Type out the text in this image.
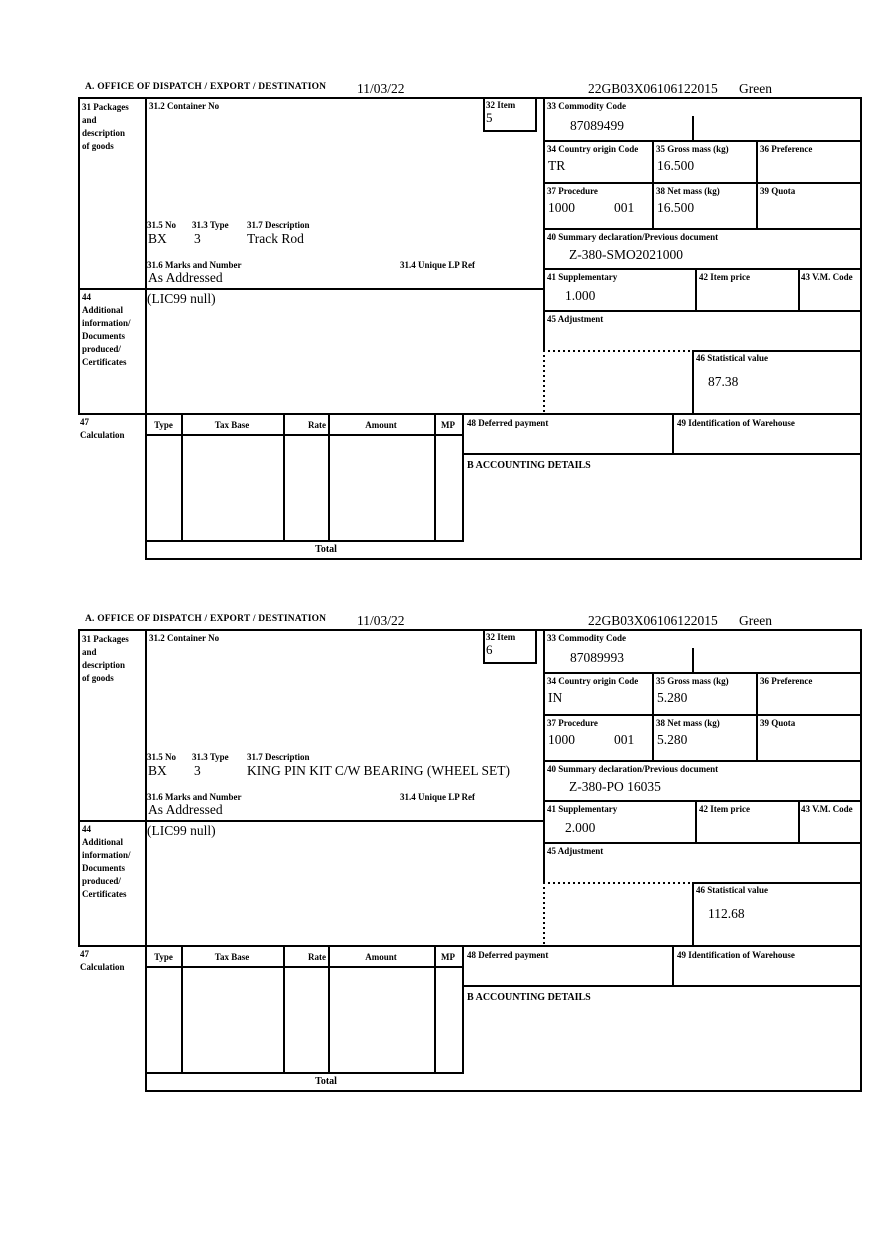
A. OFFICE OF DISPATCH / EXPORT / DESTINATION 11/03/22	22GB03X06106122015 Green
31 Packages
and
description
of goods
31.2 Container No	32 Item
5
33 Commodity Code
87089499
34 Country origin Code
TR
35 Gross mass (kg)
16.500
36 Preference
37 Procedure
1000	001
38 Net mass (kg)
16.500
39 Quota
40 Summary declaration/Previous document
Z-380-SMO2021000
41 Supplementary
1.000
42 Item price	43 V.M. Code
44
Additional
information/
Documents
produced/
Certificates
(LIC99 null)
45 Adjustment
46 Statistical value
87.38
31.5 No 31.3 Type 31.7 Description
BX 3	Track Rod
31.6 Marks and Number	31.4 Unique LP Ref
As Addressed
47
Calculation
Type	Tax Base	Rate	Amount	MP	48 Deferred payment	49 Identification of Warehouse
B ACCOUNTING DETAILS
Total
A. OFFICE OF DISPATCH / EXPORT / DESTINATION 11/03/22	22GB03X06106122015 Green
31 Packages
and
description
of goods
31.2 Container No	32 Item
6
33 Commodity Code
87089993
34 Country origin Code
IN
35 Gross mass (kg)
5.280
36 Preference
37 Procedure
1000	001
38 Net mass (kg)
5.280
39 Quota
40 Summary declaration/Previous document
Z-380-PO 16035
41 Supplementary
2.000
42 Item price	43 V.M. Code
44
Additional
information/
Documents
produced/
Certificates
(LIC99 null)
45 Adjustment
46 Statistical value
112.68
31.5 No 31.3 Type 31.7 Description
BX 3	KING PIN KIT C/W BEARING (WHEEL SET)
31.6 Marks and Number	31.4 Unique LP Ref
As Addressed
47
Calculation
Type	Tax Base	Rate	Amount	MP	48 Deferred payment	49 Identification of Warehouse
B ACCOUNTING DETAILS
Total
